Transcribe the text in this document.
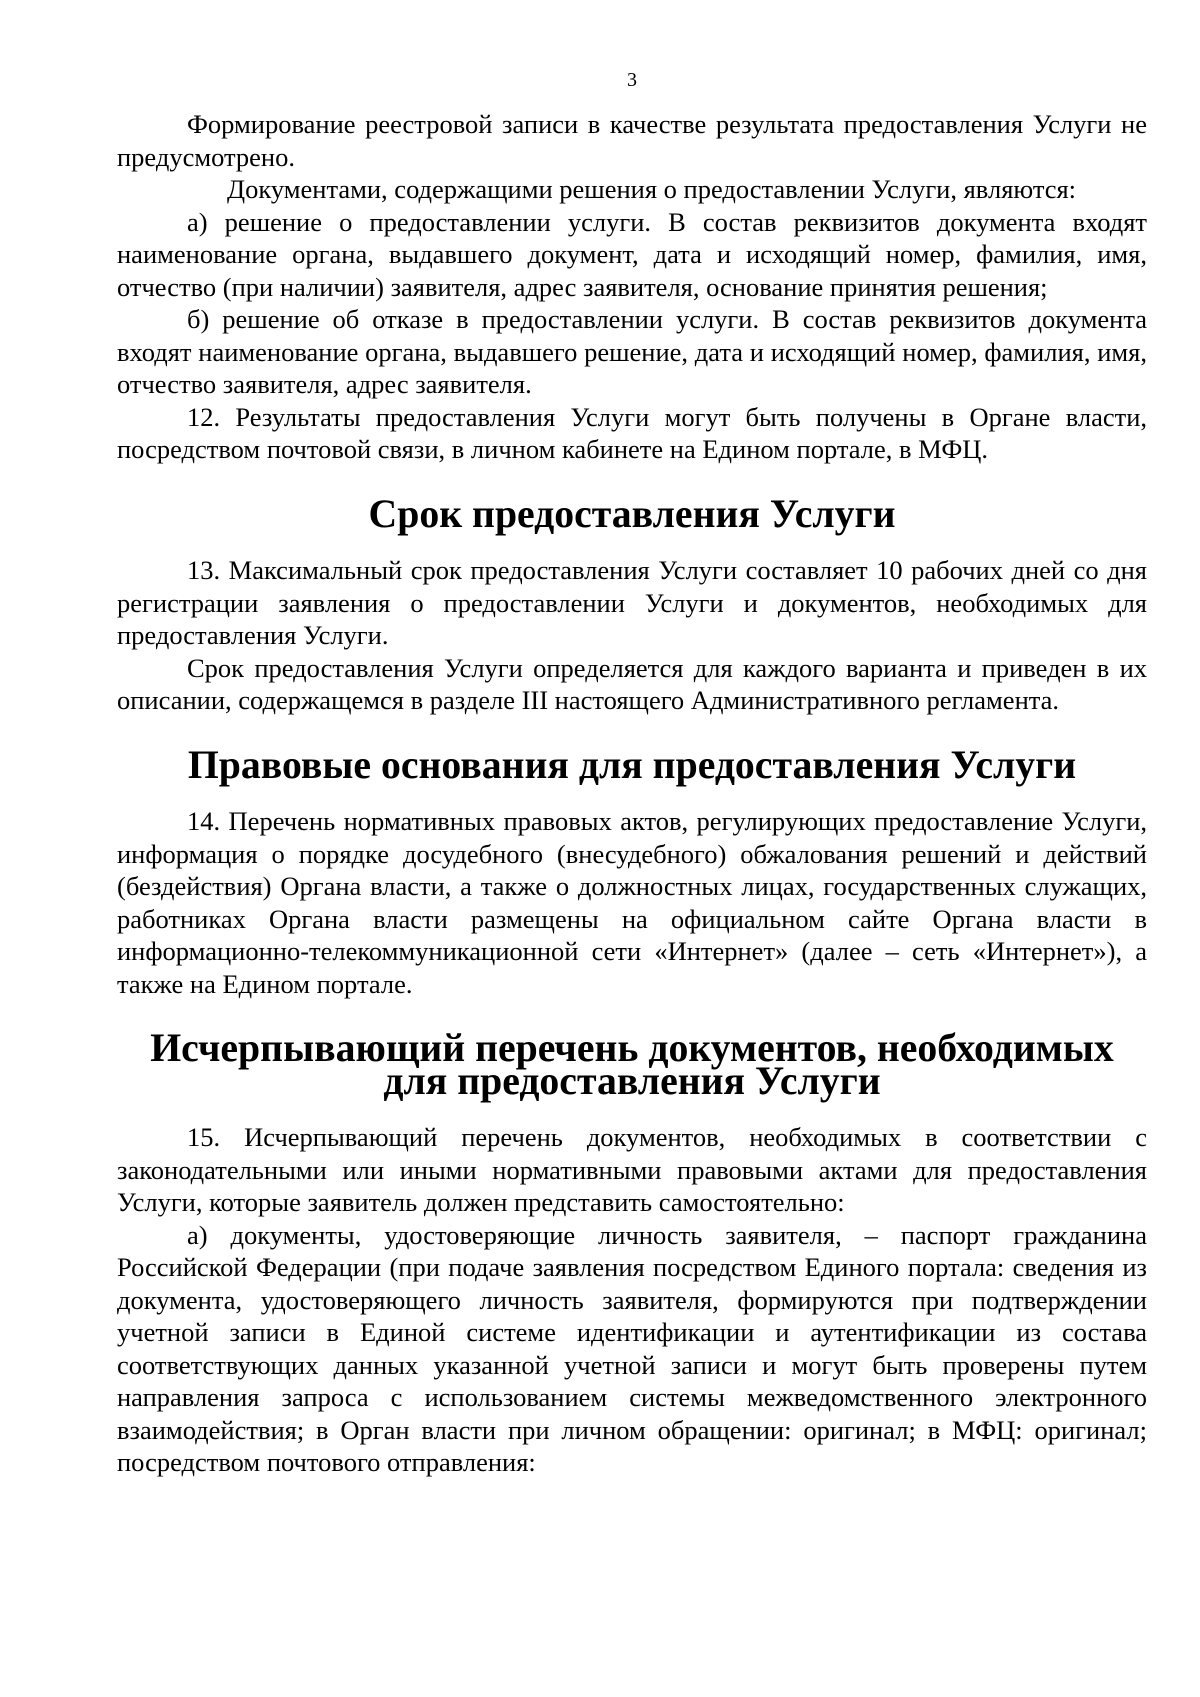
3

Формирование реестровой записи в качестве результата предоставления Услуги не предусмотрено.

Документами, содержащими решения о предоставлении Услуги, являются:

а) решение о предоставлении услуги. В состав реквизитов документа входят наименование органа, выдавшего документ, дата и исходящий номер, фамилия, имя, отчество (при наличии) заявителя, адрес заявителя, основание принятия решения;

б) решение об отказе в предоставлении услуги. В состав реквизитов документа входят наименование органа, выдавшего решение, дата и исходящий номер, фамилия, имя, отчество заявителя, адрес заявителя.

12. Результаты предоставления Услуги могут быть получены в Органе власти, посредством почтовой связи, в личном кабинете на Едином портале, в МФЦ.

Срок предоставления Услуги

13. Максимальный срок предоставления Услуги составляет 10 рабочих дней со дня регистрации заявления о предоставлении Услуги и документов, необходимых для предоставления Услуги.

Срок предоставления Услуги определяется для каждого варианта и приведен в их описании, содержащемся в разделе III настоящего Административного регламента.

Правовые основания для предоставления Услуги

14. Перечень нормативных правовых актов, регулирующих предоставление Услуги, информация о порядке досудебного (внесудебного) обжалования решений и действий (бездействия) Органа власти, а также о должностных лицах, государственных служащих, работниках Органа власти размещены на официальном сайте Органа власти в информационно-телекоммуникационной сети «Интернет» (далее – сеть «Интернет»), а также на Едином портале.

Исчерпывающий перечень документов, необходимых для предоставления Услуги

15. Исчерпывающий перечень документов, необходимых в соответствии с законодательными или иными нормативными правовыми актами для предоставления Услуги, которые заявитель должен представить самостоятельно:

а) документы, удостоверяющие личность заявителя, – паспорт гражданина Российской Федерации (при подаче заявления посредством Единого портала: сведения из документа, удостоверяющего личность заявителя, формируются при подтверждении учетной записи в Единой системе идентификации и аутентификации из состава соответствующих данных указанной учетной записи и могут быть проверены путем направления запроса с использованием системы межведомственного электронного взаимодействия; в Орган власти при личном обращении: оригинал; в МФЦ: оригинал; посредством почтового отправления:
